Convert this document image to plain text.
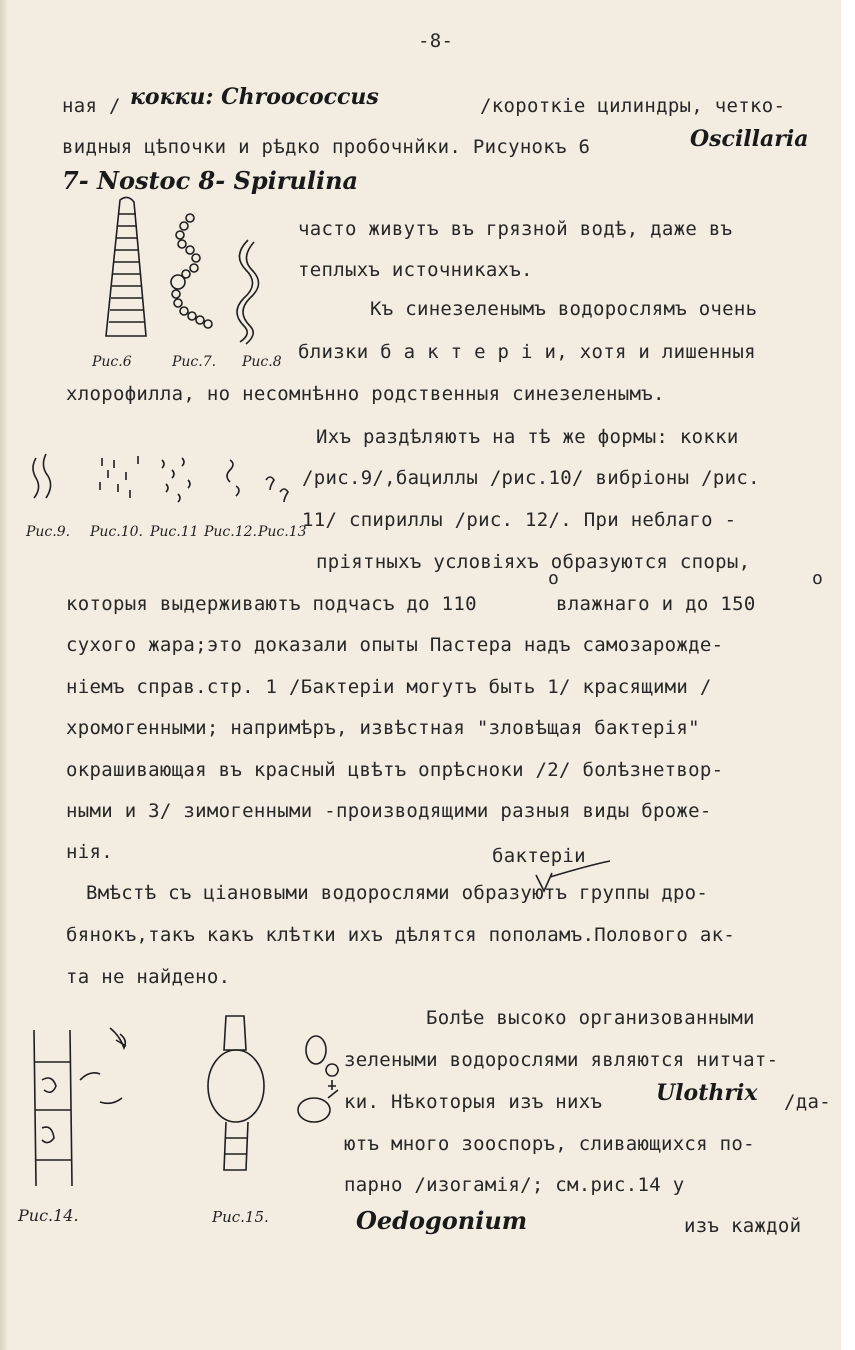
-8-
ная / кокки: Chroococcus	/короткіе цилиндры, четко-
видныя цѣпочки и рѣдко пробочнйки. Рисунокъ 6	Oscillaria
7- Nostoc 8- Spirulina
часто живутъ въ грязной водѣ, даже въ
теплыхъ источникахъ.
Къ синезеленымъ водорослямъ очень
близки б а к т е р і и, хотя и лишенныя
хлорофилла, но несомнѣнно родственныя синезеленымъ.
Ихъ раздѣляютъ на тѣ же формы: кокки
/рис.9/,бациллы /рис.10/ вибріоны /рис.
11/ спириллы /рис. 12/. При неблаго -
пріятныхъ условіяхъ образуются споры,
которыя выдерживаютъ подчасъ до 110
о
влажнаго и до 150
о
сухого жара;это доказали опыты Пастера надъ самозарожде-
ніемъ справ.стр. 1 /Бактеріи могутъ быть 1/ красящими /
хромогенными; напримѣръ, извѣстная "зловѣщая бактерія"
окрашивающая въ красный цвѣтъ опрѣсноки /2/ болѣзнетвор-
ными и 3/ зимогенными -производящими разныя виды броже-
нія.	бактеріи
Вмѣстѣ съ ціановыми водорослями образуютъ группы дро-
бянокъ,такъ какъ клѣтки ихъ дѣлятся пополамъ.Полового ак-
та не найдено.
Болѣе высоко организованными
зелеными водорослями являются нитчат-
ки. Нѣкоторыя изъ нихъ Ulothrix /да-
ютъ много зооспоръ, сливающихся по-
парно /изогамія/; см.рис.14 у
Oedogonium	изъ каждой
Рис.6	Рис.7. Рис.8
Рис.9. Рис.10. Рис.11 Рис.12. Рис.13
Рис.14.	Рис.15.
